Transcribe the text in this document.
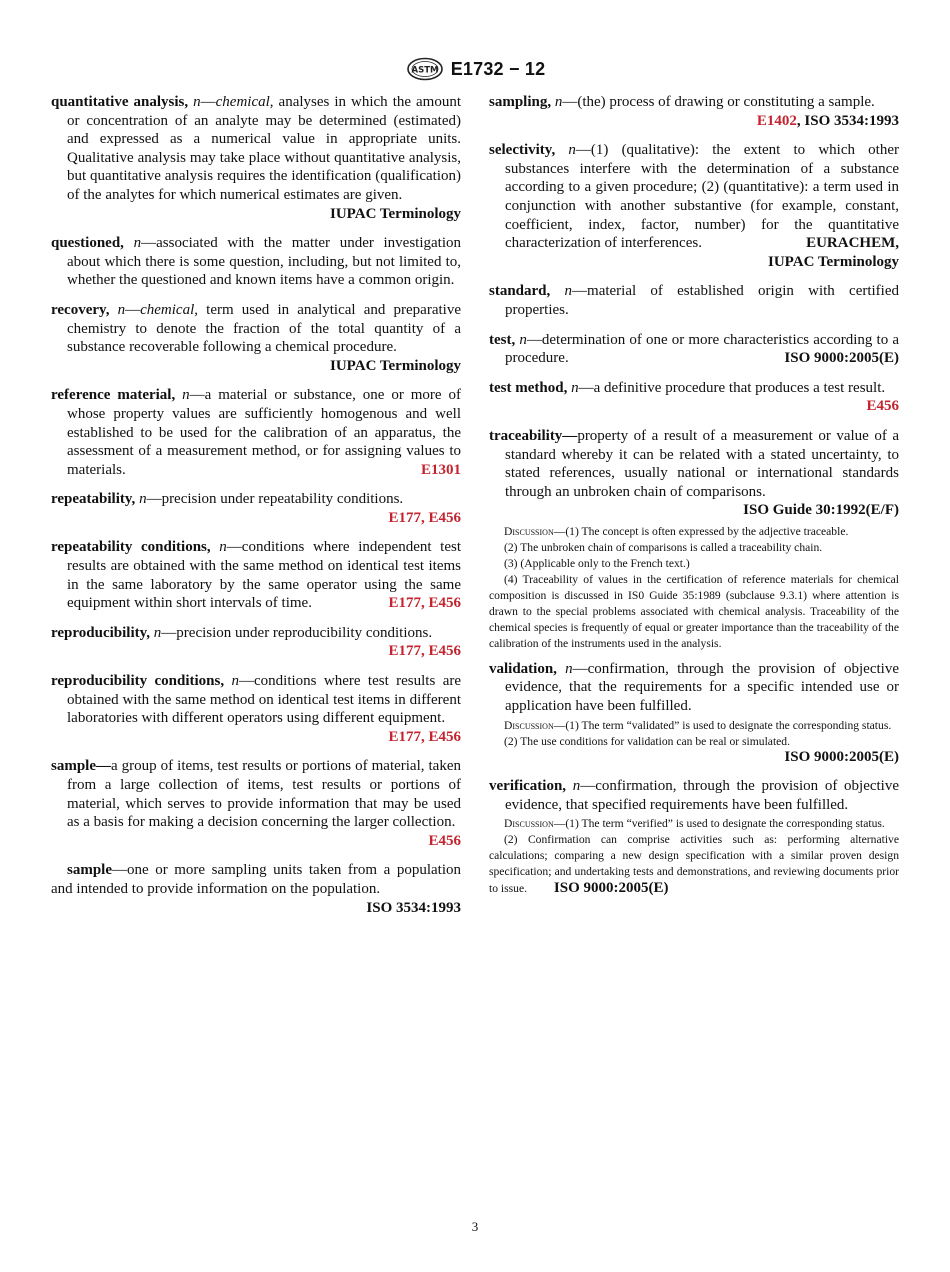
ASTM E1732 − 12

quantitative analysis, n—chemical, analyses in which the amount or concentration of an analyte may be determined (estimated) and expressed as a numerical value in appropriate units. Qualitative analysis may take place without quantitative analysis, but quantitative analysis requires the identification (qualification) of the analytes for which numerical estimates are given.
IUPAC Terminology

questioned, n—associated with the matter under investigation about which there is some question, including, but not limited to, whether the questioned and known items have a common origin.

recovery, n—chemical, term used in analytical and preparative chemistry to denote the fraction of the total quantity of a substance recoverable following a chemical procedure.
IUPAC Terminology

reference material, n—a material or substance, one or more of whose property values are sufficiently homogenous and well established to be used for the calibration of an apparatus, the assessment of a measurement method, or for assigning values to materials.	E1301

repeatability, n—precision under repeatability conditions.
E177, E456

repeatability conditions, n—conditions where independent test results are obtained with the same method on identical test items in the same laboratory by the same operator using the same equipment within short intervals of time.	E177, E456

reproducibility, n—precision under reproducibility conditions.
E177, E456

reproducibility conditions, n—conditions where test results are obtained with the same method on identical test items in different laboratories with different operators using different equipment.
E177, E456

sample—a group of items, test results or portions of material, taken from a large collection of items, test results or portions of material, which serves to provide information that may be used as a basis for making a decision concerning the larger collection.
E456

sample—one or more sampling units taken from a population and intended to provide information on the population.
ISO 3534:1993

sampling, n—(the) process of drawing or constituting a sample.
E1402, ISO 3534:1993

selectivity, n—(1) (qualitative): the extent to which other substances interfere with the determination of a substance according to a given procedure; (2) (quantitative): a term used in conjunction with another substantive (for example, constant, coefficient, index, factor, number) for the quantitative characterization of interferences.	EURACHEM,
IUPAC Terminology

standard, n—material of established origin with certified properties.

test, n—determination of one or more characteristics according to a procedure.	ISO 9000:2005(E)

test method, n—a definitive procedure that produces a test result.
E456

traceability—property of a result of a measurement or value of a standard whereby it can be related with a stated uncertainty, to stated references, usually national or international standards through an unbroken chain of comparisons.
ISO Guide 30:1992(E/F)

Discussion—(1) The concept is often expressed by the adjective traceable.

(2) The unbroken chain of comparisons is called a traceability chain.

(3) (Applicable only to the French text.)

(4) Traceability of values in the certification of reference materials for chemical composition is discussed in IS0 Guide 35:1989 (subclause 9.3.1) where attention is drawn to the special problems associated with chemical analysis. Traceability of the chemical species is frequently of equal or greater importance than the traceability of the calibration of the instruments used in the analysis.

validation, n—confirmation, through the provision of objective evidence, that the requirements for a specific intended use or application have been fulfilled.

Discussion—(1) The term “validated” is used to designate the corresponding status.

(2) The use conditions for validation can be real or simulated.

ISO 9000:2005(E)

verification, n—confirmation, through the provision of objective evidence, that specified requirements have been fulfilled.

Discussion—(1) The term “verified” is used to designate the corresponding status.

(2) Confirmation can comprise activities such as: performing alternative calculations; comparing a new design specification with a similar proven design specification; and undertaking tests and demonstrations, and reviewing documents prior to issue. ISO 9000:2005(E)

3
